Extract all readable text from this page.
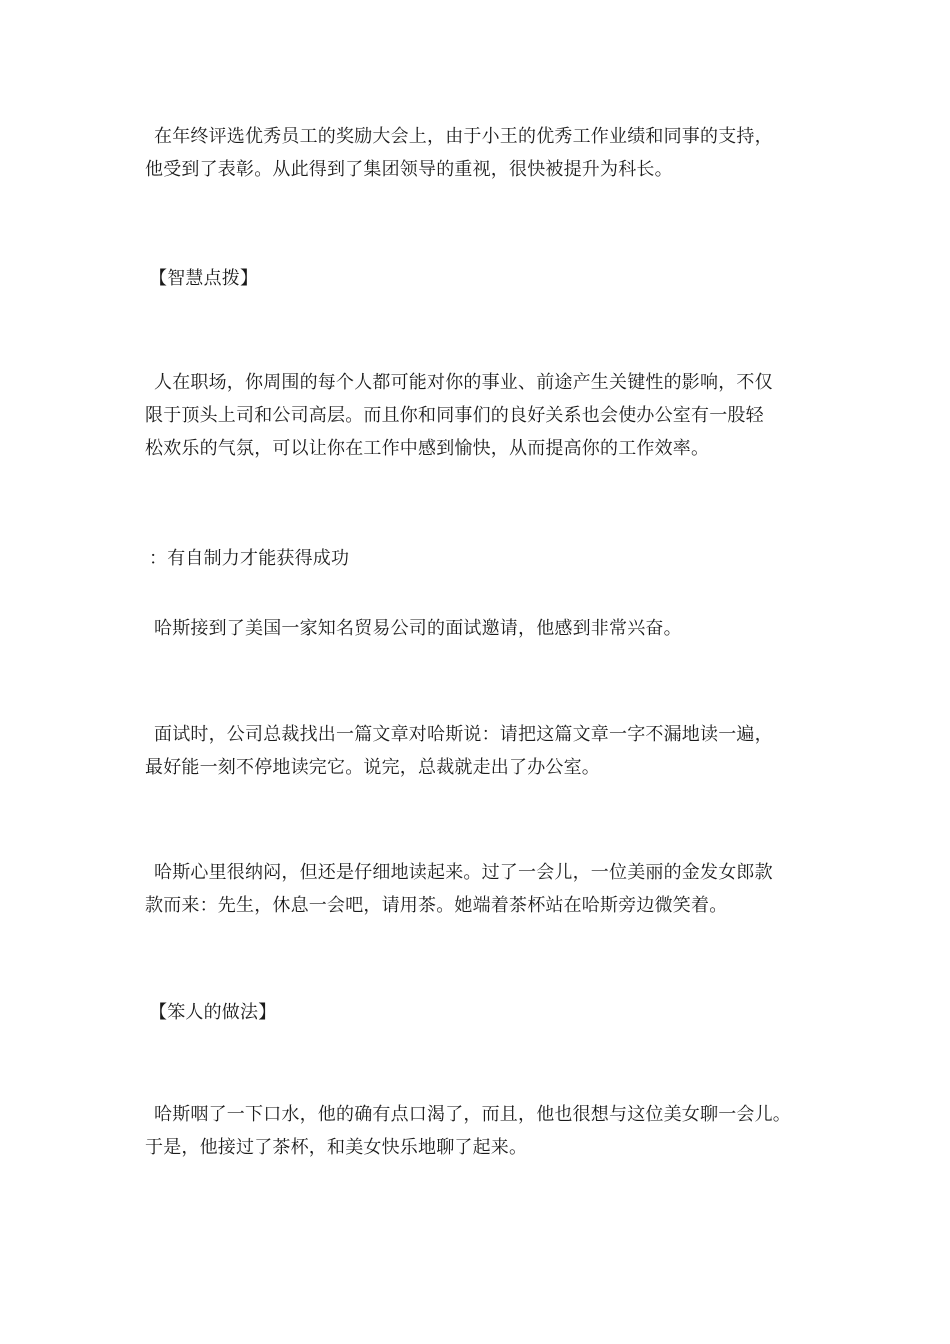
在年终评选优秀员工的奖励大会上，由于小王的优秀工作业绩和同事的支持，
他受到了表彰。从此得到了集团领导的重视，很快被提升为科长。
【智慧点拨】
人在职场，你周围的每个人都可能对你的事业、前途产生关键性的影响，不仅
限于顶头上司和公司高层。而且你和同事们的良好关系也会使办公室有一股轻
松欢乐的气氛，可以让你在工作中感到愉快，从而提高你的工作效率。
：有自制力才能获得成功
哈斯接到了美国一家知名贸易公司的面试邀请，他感到非常兴奋。
面试时，公司总裁找出一篇文章对哈斯说：请把这篇文章一字不漏地读一遍，
最好能一刻不停地读完它。说完，总裁就走出了办公室。
哈斯心里很纳闷，但还是仔细地读起来。过了一会儿，一位美丽的金发女郎款
款而来：先生，休息一会吧，请用茶。她端着茶杯站在哈斯旁边微笑着。
【笨人的做法】
哈斯咽了一下口水，他的确有点口渴了，而且，他也很想与这位美女聊一会儿。
于是，他接过了茶杯，和美女快乐地聊了起来。
